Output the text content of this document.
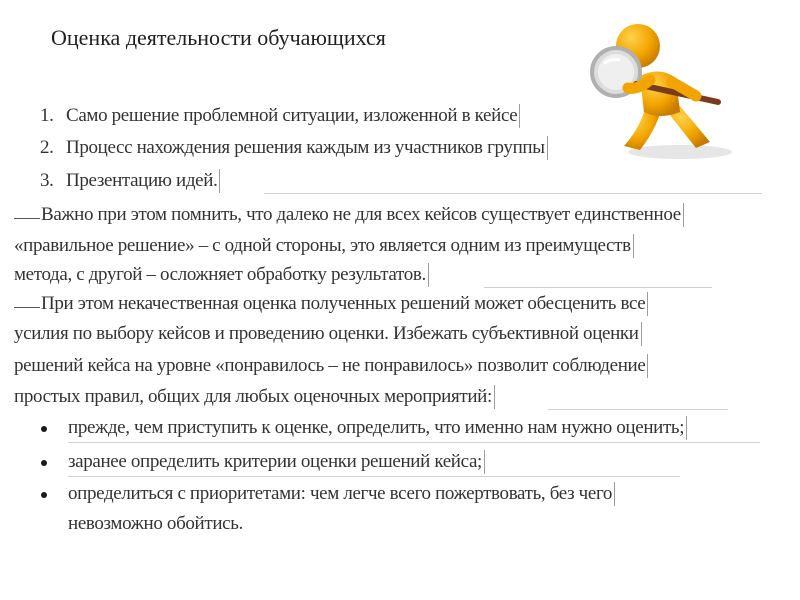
Оценка деятельности обучающихся
1. Само решение проблемной ситуации, изложенной в кейсе
2. Процесс нахождения решения каждым из участников группы
3. Презентацию идей.
Важно при этом помнить, что далеко не для всех кейсов существует единственное
«правильное решение» – с одной стороны, это является одним из преимуществ
метода, с другой – осложняет обработку результатов.
При этом некачественная оценка полученных решений может обесценить все
усилия по выбору кейсов и проведению оценки. Избежать субъективной оценки
решений кейса на уровне «понравилось – не понравилось» позволит соблюдение
простых правил, общих для любых оценочных мероприятий:
прежде, чем приступить к оценке, определить, что именно нам нужно оценить;
заранее определить критерии оценки решений кейса;
определиться с приоритетами: чем легче всего пожертвовать, без чего
невозможно обойтись.
